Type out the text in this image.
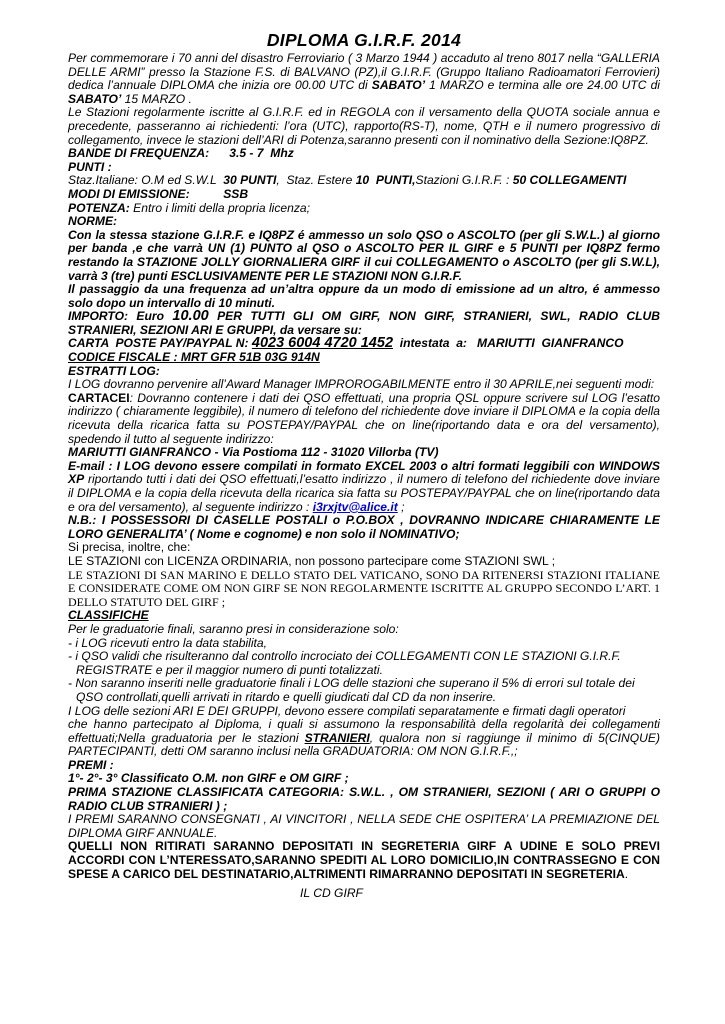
DIPLOMA G.I.R.F. 2014

Per commemorare i 70 anni del disastro Ferroviario ( 3 Marzo 1944 ) accaduto al treno 8017 nella “GALLERIA DELLE ARMI” presso la Stazione F.S. di BALVANO (PZ),il G.I.R.F. (Gruppo Italiano Radioamatori Ferrovieri) dedica l’annuale DIPLOMA che inizia ore 00.00 UTC di SABATO’ 1 MARZO e termina alle ore 24.00 UTC di SABATO’ 15 MARZO .

Le Stazioni regolarmente iscritte al G.I.R.F. ed in REGOLA con il versamento della QUOTA sociale annua e precedente, passeranno ai richiedenti: l’ora (UTC), rapporto(RS-T), nome, QTH e il numero progressivo di collegamento, invece le stazioni dell’ARI di Potenza,saranno presenti con il nominativo della Sezione:IQ8PZ.

BANDE DI FREQUENZA:      3.5 - 7  Mhz

PUNTI :

Staz.Italiane: O.M ed S.W.L  30 PUNTI,  Staz. Estere 10  PUNTI,Stazioni G.I.R.F. : 50 COLLEGAMENTI

MODI DI EMISSIONE:          SSB

POTENZA: Entro i limiti della propria licenza;

NORME:

Con la stessa stazione G.I.R.F. e IQ8PZ é ammesso un solo QSO o ASCOLTO (per gli S.W.L.) al giorno per banda ,e che varrà UN (1) PUNTO al QSO o ASCOLTO PER IL GIRF e 5 PUNTI per IQ8PZ fermo restando la STAZIONE JOLLY GIORNALIERA GIRF il cui COLLEGAMENTO o ASCOLTO (per gli S.W.L), varrà 3 (tre) punti ESCLUSIVAMENTE PER LE STAZIONI NON G.I.R.F.

Il passaggio da una frequenza ad un’altra oppure da un modo di emissione ad un altro, é ammesso solo dopo un intervallo di 10 minuti.

IMPORTO: Euro 10.00 PER TUTTI GLI OM GIRF, NON GIRF, STRANIERI, SWL, RADIO CLUB STRANIERI, SEZIONI ARI E GRUPPI, da versare su:

CARTA  POSTE PAY/PAYPAL N: 4023 6004 4720 1452  intestata  a:   MARIUTTI  GIANFRANCO

CODICE FISCALE : MRT GFR 51B 03G 914N

ESTRATTI LOG:

I LOG dovranno pervenire all’Award Manager IMPROROGABILMENTE entro il 30 APRILE,nei seguenti modi:

CARTACEI: Dovranno contenere i dati dei QSO effettuati, una propria QSL oppure scrivere sul LOG l’esatto indirizzo ( chiaramente leggibile), il numero di telefono del richiedente dove inviare il DIPLOMA e la copia della ricevuta della ricarica fatta su POSTEPAY/PAYPAL che on line(riportando data e ora del versamento), spedendo il tutto al seguente indirizzo:

MARIUTTI GIANFRANCO - Via Postioma 112 - 31020 Villorba (TV)

E-mail : I LOG devono essere compilati in formato EXCEL 2003 o altri formati leggibili con WINDOWS XP riportando tutti i dati dei QSO effettuati,l’esatto indirizzo , il numero di telefono del richiedente dove inviare il DIPLOMA e la copia della ricevuta della ricarica sia fatta su POSTEPAY/PAYPAL che on line(riportando data e ora del versamento), al seguente indirizzo : i3rxjtv@alice.it ;

N.B.: I POSSESSORI DI CASELLE POSTALI o P.O.BOX , DOVRANNO INDICARE CHIARAMENTE LE LORO GENERALITA’ ( Nome e cognome) e non solo il NOMINATIVO;

Si precisa, inoltre, che:

LE STAZIONI con LICENZA ORDINARIA, non possono partecipare come STAZIONI SWL ;

LE STAZIONI DI SAN MARINO E DELLO STATO DEL VATICANO, SONO DA RITENERSI STAZIONI ITALIANE E CONSIDERATE COME OM NON GIRF SE NON REGOLARMENTE ISCRITTE AL GRUPPO SECONDO L’ART. 1 DELLO STATUTO DEL GIRF ;

CLASSIFICHE

Per le graduatorie finali, saranno presi in considerazione solo:

- i LOG ricevuti entro la data stabilita,

- i QSO validi che risulteranno dal controllo incrociato dei COLLEGAMENTI CON LE STAZIONI G.I.R.F.

REGISTRATE e per il maggior numero di punti totalizzati.

- Non saranno inseriti nelle graduatorie finali i LOG delle stazioni che superano il 5% di errori sul totale dei

QSO controllati,quelli arrivati in ritardo e quelli giudicati dal CD da non inserire.

I LOG delle sezioni ARI E DEI GRUPPI, devono essere compilati separatamente e firmati dagli operatori

che hanno partecipato al Diploma, i quali si assumono la responsabilità della regolarità dei collegamenti effettuati;Nella graduatoria per le stazioni STRANIERI, qualora non si raggiunge il minimo di 5(CINQUE) PARTECIPANTI, detti OM saranno inclusi nella GRADUATORIA: OM NON G.I.R.F.,;

PREMI :

1°- 2°- 3° Classificato O.M. non GIRF e OM GIRF ;

PRIMA STAZIONE CLASSIFICATA CATEGORIA: S.W.L. , OM STRANIERI, SEZIONI ( ARI O GRUPPI O RADIO CLUB STRANIERI ) ;

I PREMI SARANNO CONSEGNATI , AI VINCITORI , NELLA SEDE CHE OSPITERA’ LA PREMIAZIONE DEL DIPLOMA GIRF ANNUALE.

QUELLI NON RITIRATI SARANNO DEPOSITATI IN SEGRETERIA GIRF A UDINE E SOLO PREVI ACCORDI CON L’NTERESSATO,SARANNO SPEDITI AL LORO DOMICILIO,IN CONTRASSEGNO E CON SPESE A CARICO DEL DESTINATARIO,ALTRIMENTI RIMARRANNO DEPOSITATI IN SEGRETERIA.

IL CD GIRF
